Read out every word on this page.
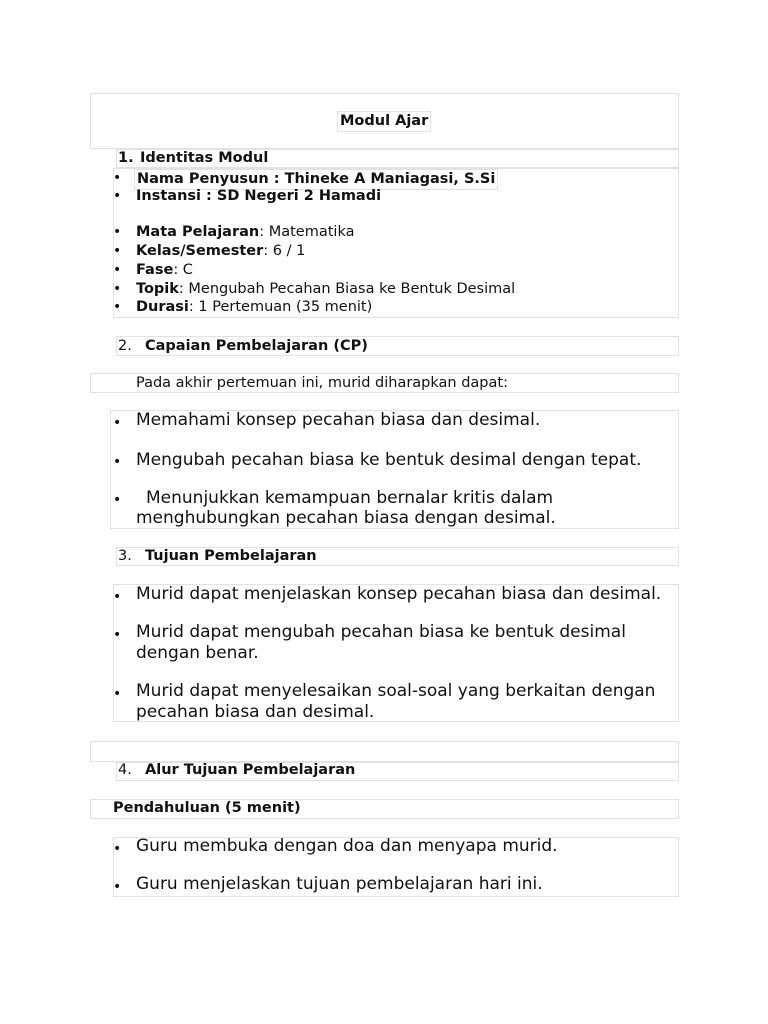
Modul Ajar
1. Identitas Modul
• Nama Penyusun : Thineke A Maniagasi, S.Si
• Instansi : SD Negeri 2 Hamadi
• Mata Pelajaran: Matematika
• Kelas/Semester: 6 / 1
• Fase: C
• Topik: Mengubah Pecahan Biasa ke Bentuk Desimal
• Durasi: 1 Pertemuan (35 menit)
2. Capaian Pembelajaran (CP)
Pada akhir pertemuan ini, murid diharapkan dapat:
• Memahami konsep pecahan biasa dan desimal.
• Mengubah pecahan biasa ke bentuk desimal dengan tepat.
• Menunjukkan kemampuan bernalar kritis dalam
menghubungkan pecahan biasa dengan desimal.
3. Tujuan Pembelajaran
• Murid dapat menjelaskan konsep pecahan biasa dan desimal.
• Murid dapat mengubah pecahan biasa ke bentuk desimal
dengan benar.
• Murid dapat menyelesaikan soal-soal yang berkaitan dengan
pecahan biasa dan desimal.
4. Alur Tujuan Pembelajaran
Pendahuluan (5 menit)
• Guru membuka dengan doa dan menyapa murid.
• Guru menjelaskan tujuan pembelajaran hari ini.
